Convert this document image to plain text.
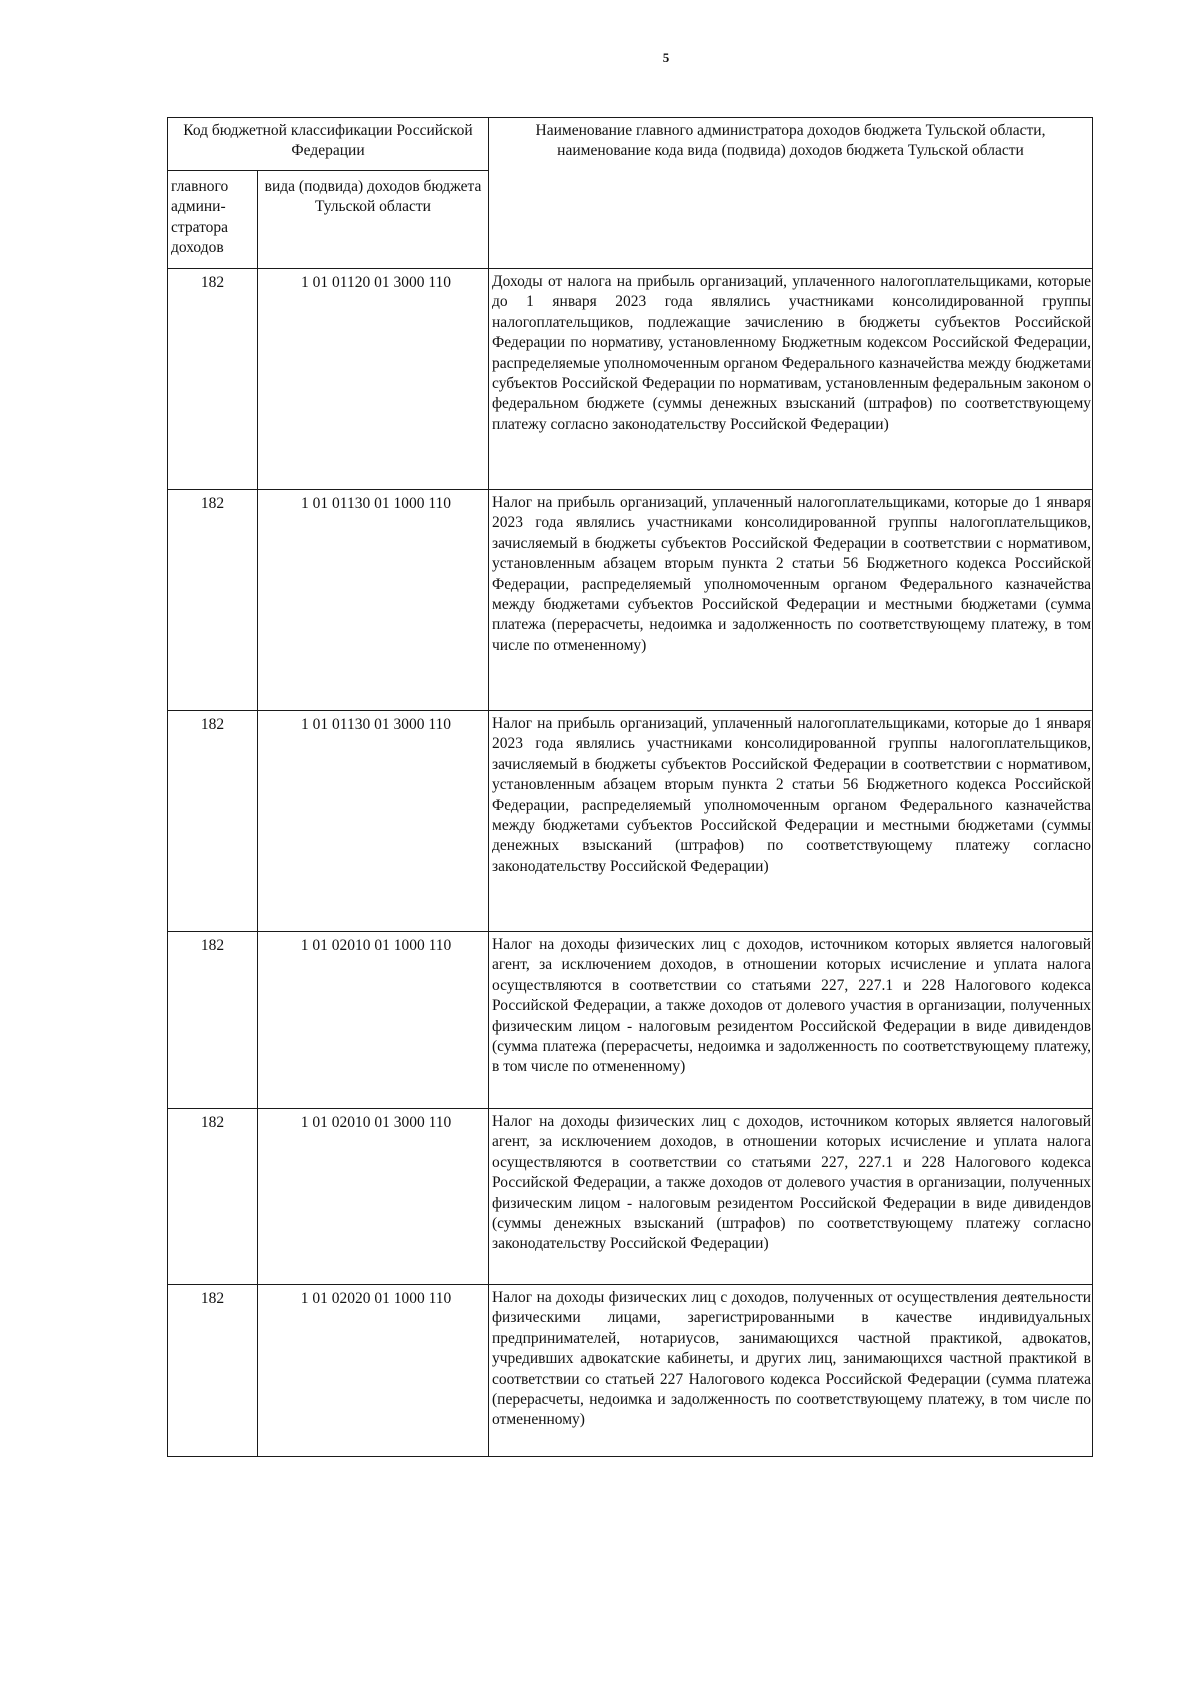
5
Код бюджетной классификации Российской Федерации		Наименование главного администратора доходов бюджета Тульской области, наименование кода вида (подвида) доходов бюджета Тульской области
главного админи-стратора доходов	вида (подвида) доходов бюджета Тульской области	
182	1 01 01120 01 3000 110	Доходы от налога на прибыль организаций, уплаченного налогоплательщиками, которые до 1 января 2023 года являлись участниками консолидированной группы налогоплательщиков, подлежащие зачислению в бюджеты субъектов Российской Федерации по нормативу, установленному Бюджетным кодексом Российской Федерации, распределяемые уполномоченным органом Федерального казначейства между бюджетами субъектов Российской Федерации по нормативам, установленным федеральным законом о федеральном бюджете (суммы денежных взысканий (штрафов) по соответствующему платежу согласно законодательству Российской Федерации)
182	1 01 01130 01 1000 110	Налог на прибыль организаций, уплаченный налогоплательщиками, которые до 1 января 2023 года являлись участниками консолидированной группы налогоплательщиков, зачисляемый в бюджеты субъектов Российской Федерации в соответствии с нормативом, установленным абзацем вторым пункта 2 статьи 56 Бюджетного кодекса Российской Федерации, распределяемый уполномоченным органом Федерального казначейства между бюджетами субъектов Российской Федерации и местными бюджетами (сумма платежа (перерасчеты, недоимка и задолженность по соответствующему платежу, в том числе по отмененному)
182	1 01 01130 01 3000 110	Налог на прибыль организаций, уплаченный налогоплательщиками, которые до 1 января 2023 года являлись участниками консолидированной группы налогоплательщиков, зачисляемый в бюджеты субъектов Российской Федерации в соответствии с нормативом, установленным абзацем вторым пункта 2 статьи 56 Бюджетного кодекса Российской Федерации, распределяемый уполномоченным органом Федерального казначейства между бюджетами субъектов Российской Федерации и местными бюджетами (суммы денежных взысканий (штрафов) по соответствующему платежу согласно законодательству Российской Федерации)
182	1 01 02010 01 1000 110	Налог на доходы физических лиц с доходов, источником которых является налоговый агент, за исключением доходов, в отношении которых исчисление и уплата налога осуществляются в соответствии со статьями 227, 227.1 и 228 Налогового кодекса Российской Федерации, а также доходов от долевого участия в организации, полученных физическим лицом - налоговым резидентом Российской Федерации в виде дивидендов (сумма платежа (перерасчеты, недоимка и задолженность по соответствующему платежу, в том числе по отмененному)
182	1 01 02010 01 3000 110	Налог на доходы физических лиц с доходов, источником которых является налоговый агент, за исключением доходов, в отношении которых исчисление и уплата налога осуществляются в соответствии со статьями 227, 227.1 и 228 Налогового кодекса Российской Федерации, а также доходов от долевого участия в организации, полученных физическим лицом - налоговым резидентом Российской Федерации в виде дивидендов (суммы денежных взысканий (штрафов) по соответствующему платежу согласно законодательству Российской Федерации)
182	1 01 02020 01 1000 110	Налог на доходы физических лиц с доходов, полученных от осуществления деятельности физическими лицами, зарегистрированными в качестве индивидуальных предпринимателей, нотариусов, занимающихся частной практикой, адвокатов, учредивших адвокатские кабинеты, и других лиц, занимающихся частной практикой в соответствии со статьей 227 Налогового кодекса Российской Федерации (сумма платежа (перерасчеты, недоимка и задолженность по соответствующему платежу, в том числе по отмененному)
